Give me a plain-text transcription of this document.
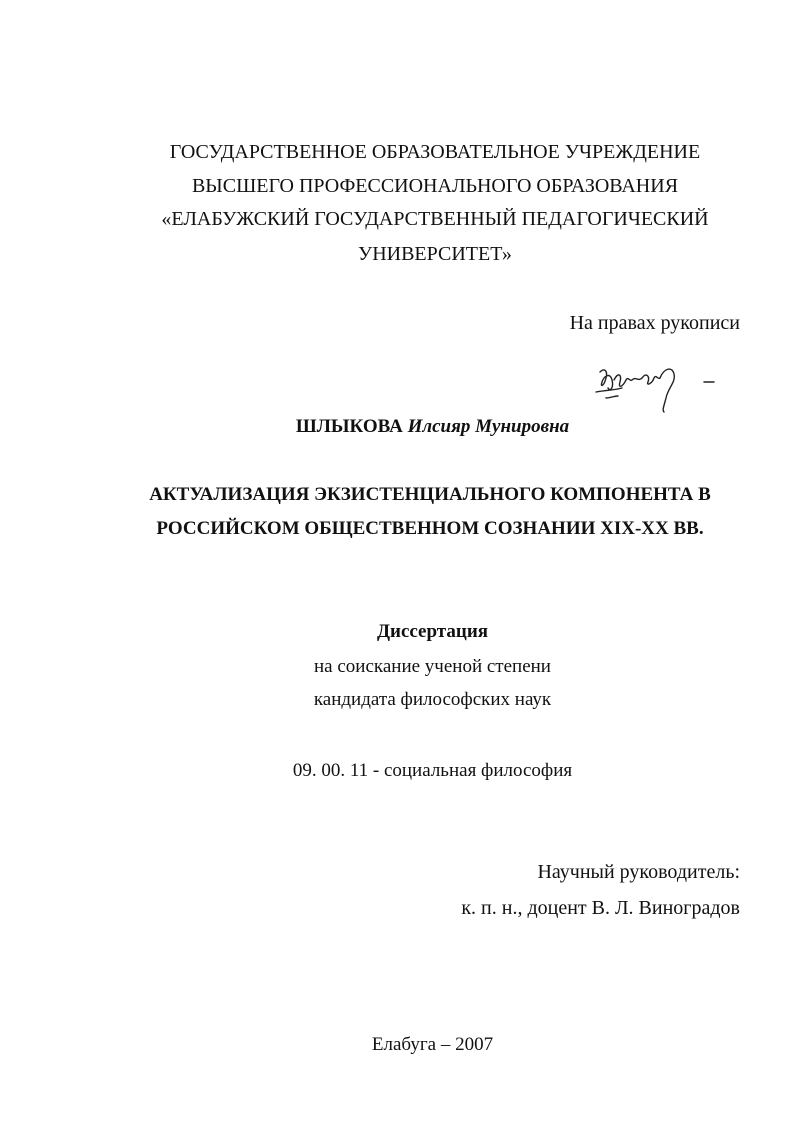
ГОСУДАРСТВЕННОЕ ОБРАЗОВАТЕЛЬНОЕ УЧРЕЖДЕНИЕ
ВЫСШЕГО ПРОФЕССИОНАЛЬНОГО ОБРАЗОВАНИЯ
«ЕЛАБУЖСКИЙ ГОСУДАРСТВЕННЫЙ ПЕДАГОГИЧЕСКИЙ
УНИВЕРСИТЕТ»
На правах рукописи
ШЛЫКОВА Илсияр Мунировна
АКТУАЛИЗАЦИЯ ЭКЗИСТЕНЦИАЛЬНОГО КОМПОНЕНТА В
РОССИЙСКОМ ОБЩЕСТВЕННОМ СОЗНАНИИ XIX-XX ВВ.
Диссертация
на соискание ученой степени
кандидата философских наук
09. 00. 11 - социальная философия
Научный руководитель:
к. п. н., доцент В. Л. Виноградов
Елабуга – 2007
